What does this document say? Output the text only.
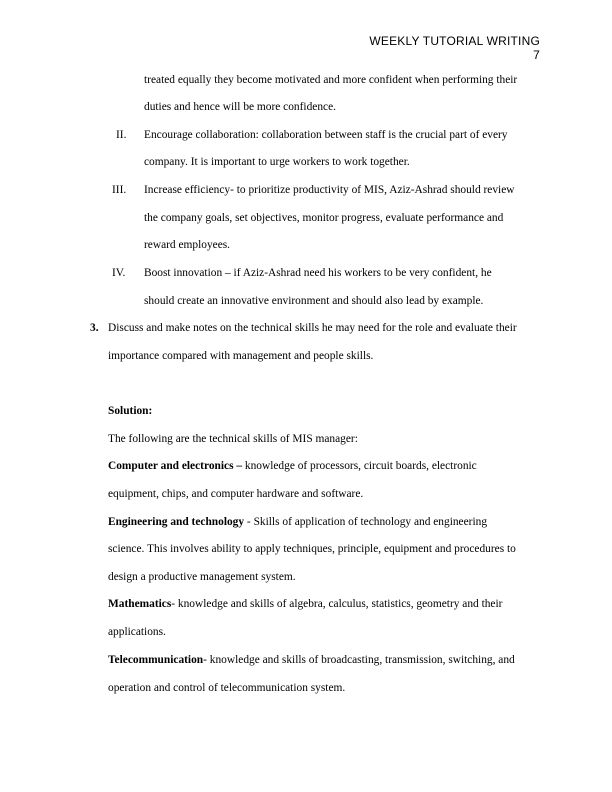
WEEKLY TUTORIAL WRITING
7
treated equally they become motivated and more confident when performing their
duties and hence will be more confidence.
II. Encourage collaboration: collaboration between staff is the crucial part of every
company. It is important to urge workers to work together.
III. Increase efficiency- to prioritize productivity of MIS, Aziz-Ashrad should review
the company goals, set objectives, monitor progress, evaluate performance and
reward employees.
IV. Boost innovation – if Aziz-Ashrad need his workers to be very confident, he
should create an innovative environment and should also lead by example.
3. Discuss and make notes on the technical skills he may need for the role and evaluate their
importance compared with management and people skills.
Solution:
The following are the technical skills of MIS manager:
Computer and electronics – knowledge of processors, circuit boards, electronic
equipment, chips, and computer hardware and software.
Engineering and technology - Skills of application of technology and engineering
science. This involves ability to apply techniques, principle, equipment and procedures to
design a productive management system.
Mathematics- knowledge and skills of algebra, calculus, statistics, geometry and their
applications.
Telecommunication- knowledge and skills of broadcasting, transmission, switching, and
operation and control of telecommunication system.
